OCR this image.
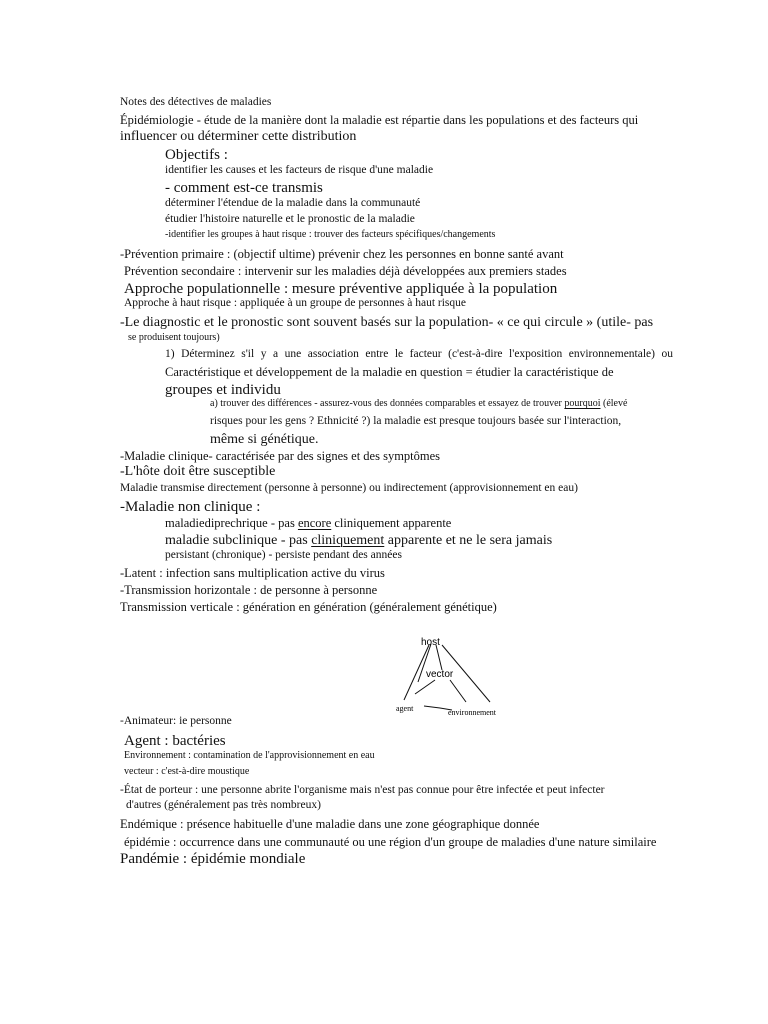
Notes des détectives de maladies
Épidémiologie - étude de la manière dont la maladie est répartie dans les populations et des facteurs qui
influencer ou déterminer cette distribution
Objectifs :
identifier les causes et les facteurs de risque d'une maladie
- comment est-ce transmis
déterminer l'étendue de la maladie dans la communauté
étudier l'histoire naturelle et le pronostic de la maladie
-identifier les groupes à haut risque : trouver des facteurs spécifiques/changements
-Prévention primaire : (objectif ultime) prévenir chez les personnes en bonne santé avant
Prévention secondaire : intervenir sur les maladies déjà développées aux premiers stades
Approche populationnelle : mesure préventive appliquée à la population
Approche à haut risque : appliquée à un groupe de personnes à haut risque
-Le diagnostic et le pronostic sont souvent basés sur la population- « ce qui circule » (utile- pas
se produisent toujours)
1) Déterminez s'il y a une association entre le facteur (c'est-à-dire l'exposition environnementale) ou
Caractéristique et développement de la maladie en question = étudier la caractéristique de
groupes et individu
a) trouver des différences - assurez-vous des données comparables et essayez de trouver pourquoi (élevé
risques pour les gens ? Ethnicité ?) la maladie est presque toujours basée sur l'interaction,
même si génétique.
-Maladie clinique- caractérisée par des signes et des symptômes
-L'hôte doit être susceptible
Maladie transmise directement (personne à personne) ou indirectement (approvisionnement en eau)
-Maladie non clinique :
maladiediprechrique - pas encore cliniquement apparente
maladie subclinique - pas cliniquement apparente et ne le sera jamais
persistant (chronique) - persiste pendant des années
-Latent : infection sans multiplication active du virus
-Transmission horizontale : de personne à personne
Transmission verticale : génération en génération (généralement génétique)
host
vector
agent	environnement
-Animateur: ie personne
Agent : bactéries
Environnement : contamination de l'approvisionnement en eau
vecteur : c'est-à-dire moustique
-État de porteur : une personne abrite l'organisme mais n'est pas connue pour être infectée et peut infecter
d'autres (généralement pas très nombreux)
Endémique : présence habituelle d'une maladie dans une zone géographique donnée
épidémie : occurrence dans une communauté ou une région d'un groupe de maladies d'une nature similaire
Pandémie : épidémie mondiale
